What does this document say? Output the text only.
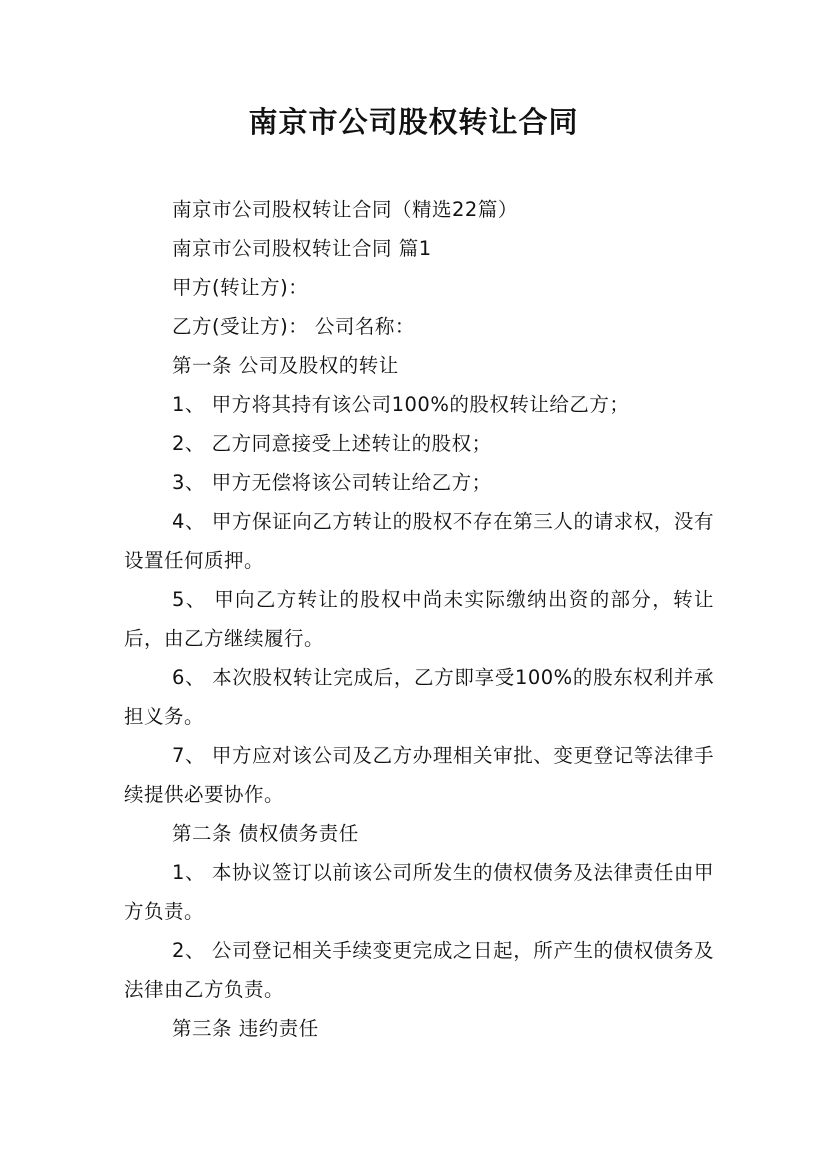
南京市公司股权转让合同

南京市公司股权转让合同（精选22篇）

南京市公司股权转让合同 篇1

甲方(转让方)：

乙方(受让方)： 公司名称：

第一条 公司及股权的转让

1、 甲方将其持有该公司100%的股权转让给乙方；

2、 乙方同意接受上述转让的股权；

3、 甲方无偿将该公司转让给乙方；

4、 甲方保证向乙方转让的股权不存在第三人的请求权，没有设置任何质押。

5、 甲向乙方转让的股权中尚未实际缴纳出资的部分，转让后，由乙方继续履行。

6、 本次股权转让完成后，乙方即享受100%的股东权利并承担义务。

7、 甲方应对该公司及乙方办理相关审批、变更登记等法律手续提供必要协作。

第二条 债权债务责任

1、 本协议签订以前该公司所发生的债权债务及法律责任由甲方负责。

2、 公司登记相关手续变更完成之日起，所产生的债权债务及法律由乙方负责。

第三条 违约责任
